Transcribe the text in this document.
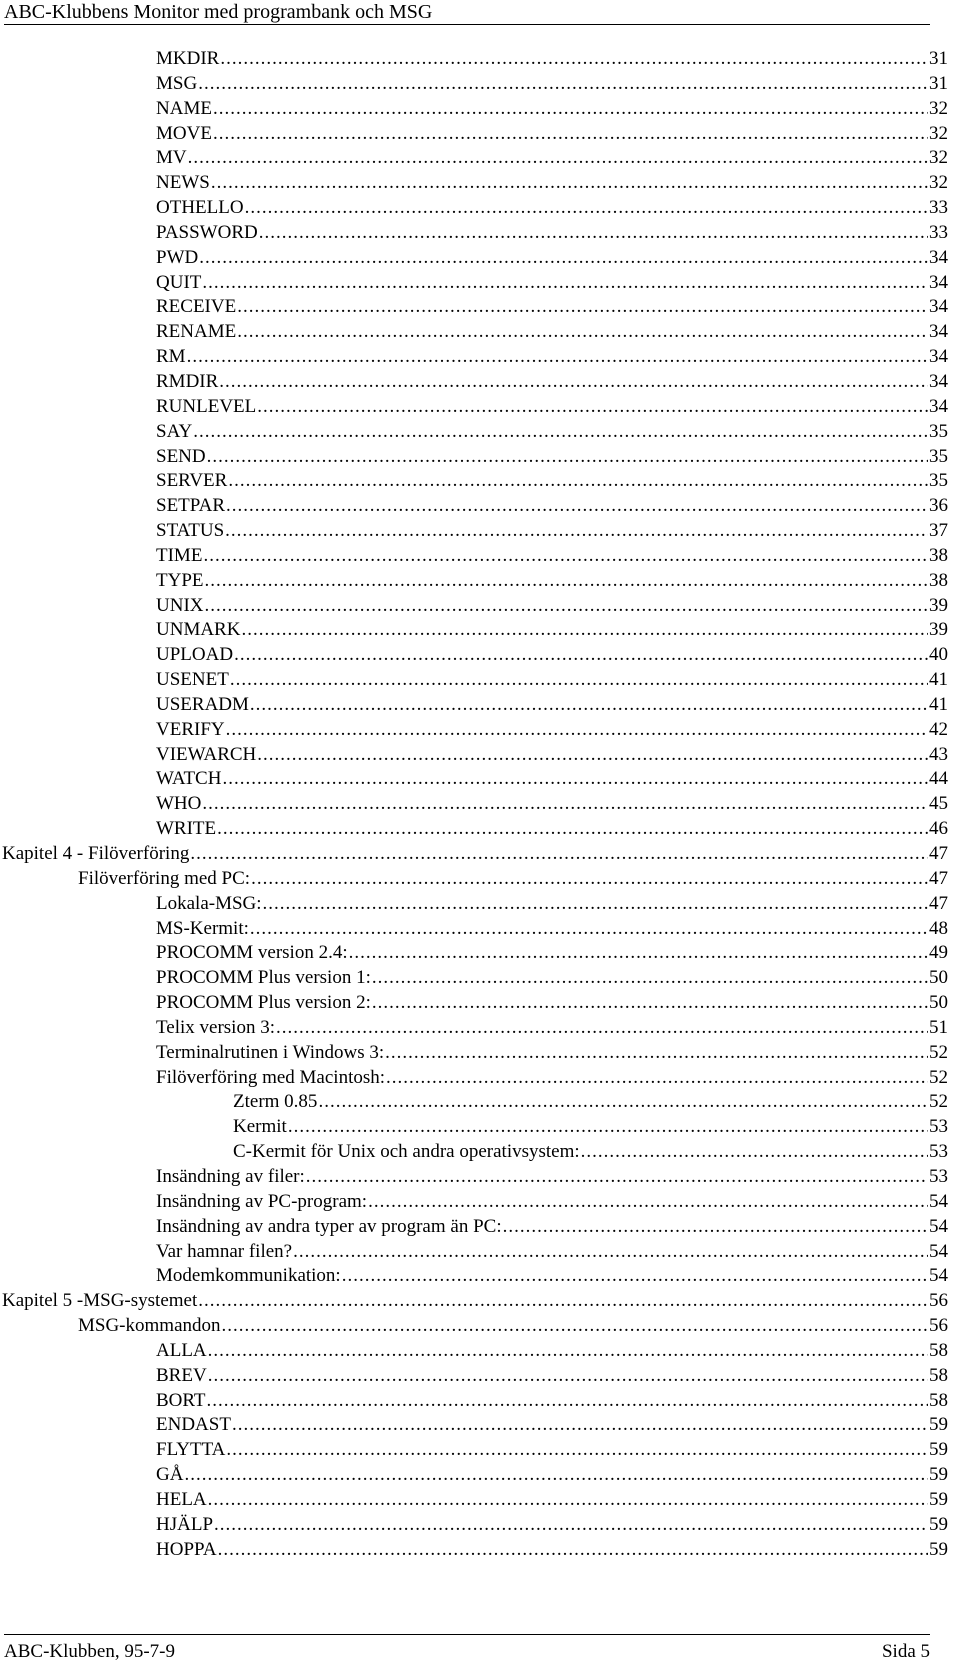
ABC-Klubbens Monitor med programbank och MSG
MKDIR .....	31
MSG .....	31
NAME .....	32
MOVE .....	32
MV .....	32
NEWS .....	32
OTHELLO .....	33
PASSWORD .....	33
PWD .....	34
QUIT .....	34
RECEIVE .....	34
RENAME .....	34
RM .....	34
RMDIR .....	34
RUNLEVEL .....	34
SAY .....	35
SEND .....	35
SERVER .....	35
SETPAR .....	36
STATUS .....	37
TIME .....	38
TYPE .....	38
UNIX .....	39
UNMARK .....	39
UPLOAD .....	40
USENET .....	41
USERADM .....	41
VERIFY .....	42
VIEWARCH .....	43
WATCH .....	44
WHO .....	45
WRITE .....	46
Kapitel 4 - Filöverföring .....	47
Filöverföring med PC: .....	47
Lokala-MSG: .....	47
MS-Kermit: .....	48
PROCOMM version 2.4: .....	49
PROCOMM Plus version 1: .....	50
PROCOMM Plus version 2: .....	50
Telix version 3: .....	51
Terminalrutinen i Windows 3: .....	52
Filöverföring med Macintosh: .....	52
Zterm 0.85 .....	52
Kermit .....	53
C-Kermit för Unix och andra operativsystem: .....	53
Insändning av filer: .....	53
Insändning av PC-program: .....	54
Insändning av andra typer av program än PC: .....	54
Var hamnar filen? .....	54
Modemkommunikation: .....	54
Kapitel 5 -MSG-systemet .....	56
MSG-kommandon .....	56
ALLA .....	58
BREV .....	58
BORT .....	58
ENDAST .....	59
FLYTTA .....	59
GÅ .....	59
HELA .....	59
HJÄLP .....	59
HOPPA .....	59
ABC-Klubben, 95-7-9	Sida 5
